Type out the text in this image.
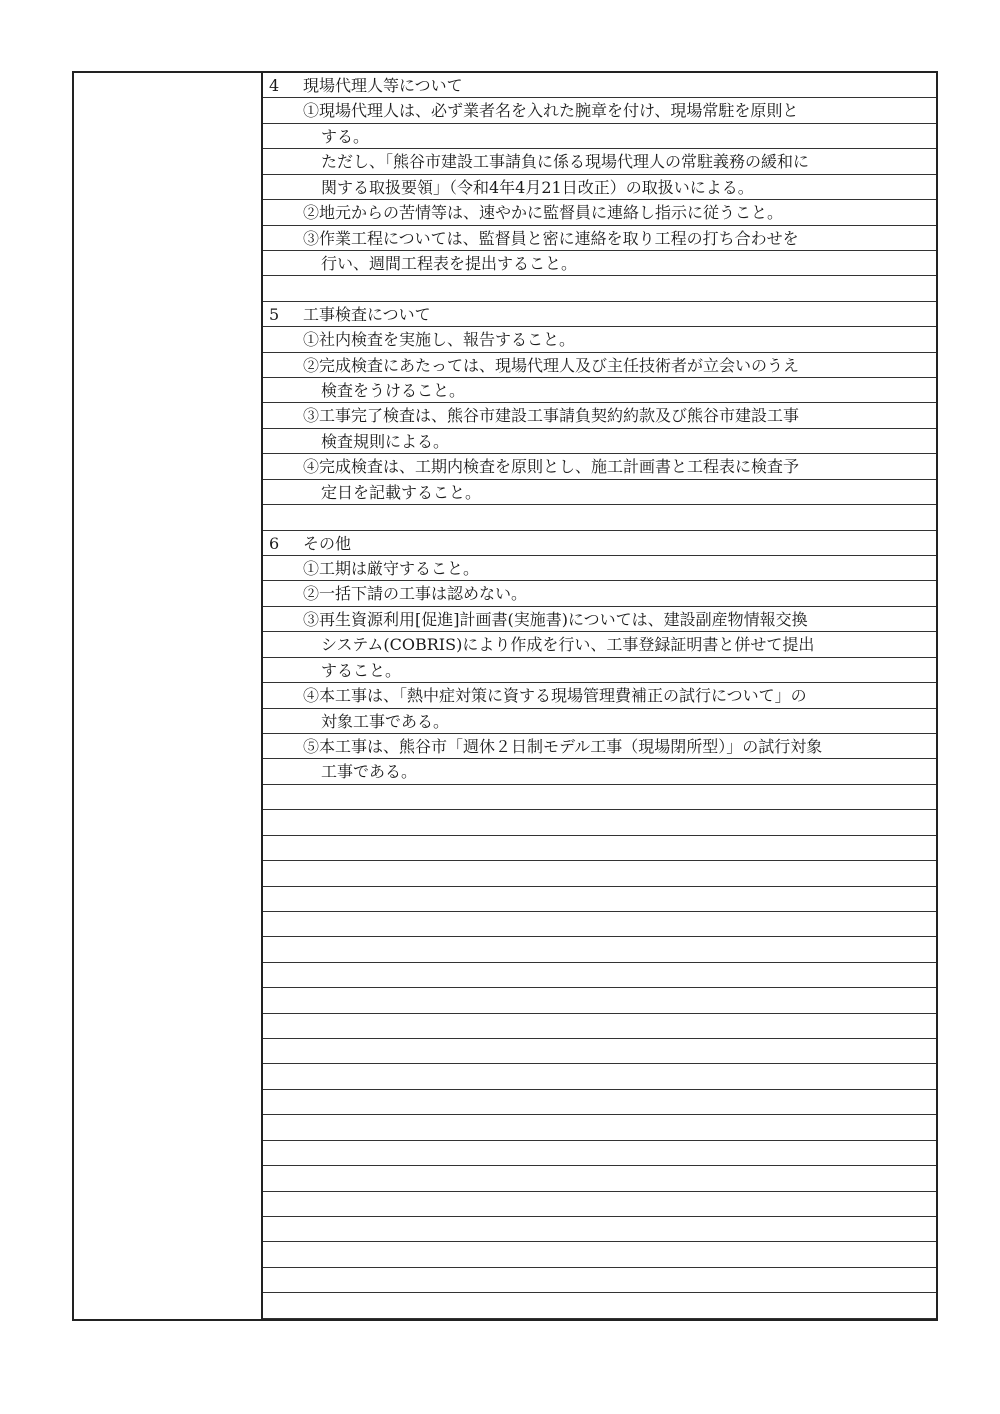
4 現場代理人等について
①現場代理人は、必ず業者名を入れた腕章を付け、現場常駐を原則と
する。
ただし、「熊谷市建設工事請負に係る現場代理人の常駐義務の緩和に
関する取扱要領」（令和4年4月21日改正）の取扱いによる。
②地元からの苦情等は、速やかに監督員に連絡し指示に従うこと。
③作業工程については、監督員と密に連絡を取り工程の打ち合わせを
行い、週間工程表を提出すること。
5 工事検査について
①社内検査を実施し、報告すること。
②完成検査にあたっては、現場代理人及び主任技術者が立会いのうえ
検査をうけること。
③工事完了検査は、熊谷市建設工事請負契約約款及び熊谷市建設工事
検査規則による。
④完成検査は、工期内検査を原則とし、施工計画書と工程表に検査予
定日を記載すること。
6 その他
①工期は厳守すること。
②一括下請の工事は認めない。
③再生資源利用[促進]計画書(実施書)については、建設副産物情報交換
システム(COBRIS)により作成を行い、工事登録証明書と併せて提出
すること。
④本工事は、「熱中症対策に資する現場管理費補正の試行について」の
対象工事である。
⑤本工事は、熊谷市「週休２日制モデル工事（現場閉所型）」の試行対象
工事である。
